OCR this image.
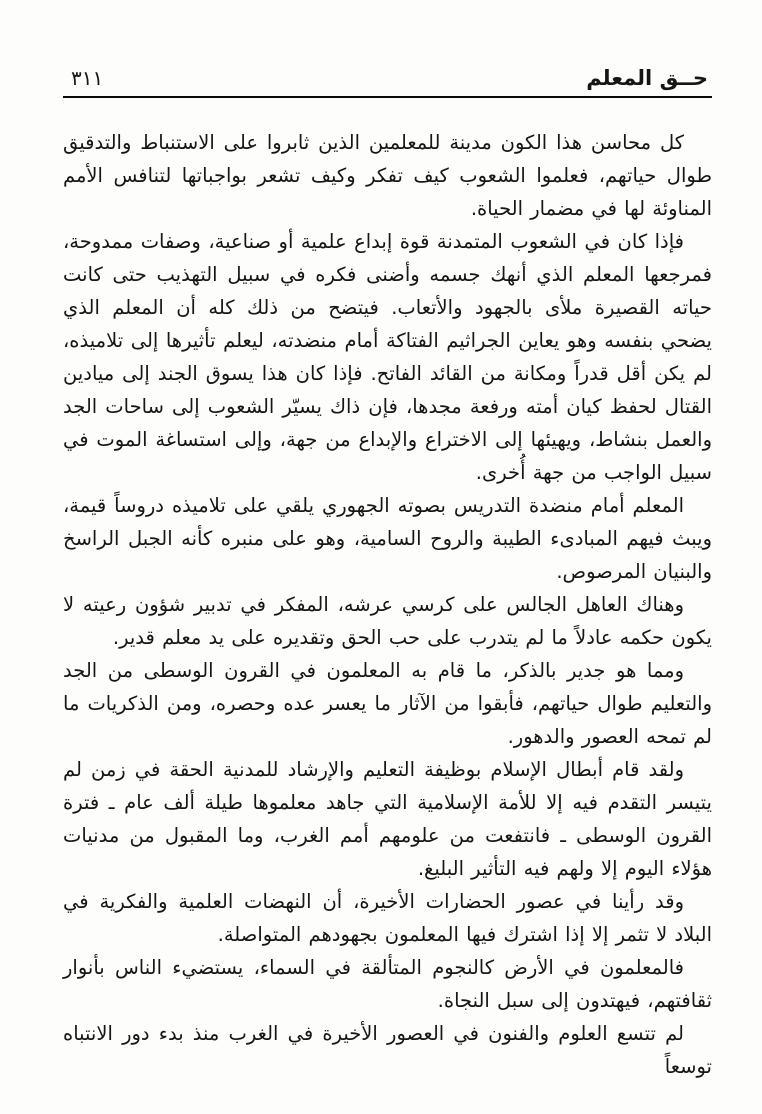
٣١١	حــق المعلم

كل محاسن هذا الكون مدينة للمعلمين الذين ثابروا على الاستنباط والتدقيق طوال حياتهم، فعلموا الشعوب كيف تفكر وكيف تشعر بواجباتها لتنافس الأمم المناوئة لها في مضمار الحياة.

فإذا كان في الشعوب المتمدنة قوة إبداع علمية أو صناعية، وصفات ممدوحة، فمرجعها المعلم الذي أنهك جسمه وأضنى فكره في سبيل التهذيب حتى كانت حياته القصيرة ملأى بالجهود والأتعاب. فيتضح من ذلك كله أن المعلم الذي يضحي بنفسه وهو يعاين الجراثيم الفتاكة أمام منضدته، ليعلم تأثيرها إلى تلاميذه، لم يكن أقل قدراً ومكانة من القائد الفاتح. فإذا كان هذا يسوق الجند إلى ميادين القتال لحفظ كيان أمته ورفعة مجدها، فإن ذاك يسيّر الشعوب إلى ساحات الجد والعمل بنشاط، ويهيئها إلى الاختراع والإبداع من جهة، وإلى استساغة الموت في سبيل الواجب من جهة أُخرى.

المعلم أمام منضدة التدريس بصوته الجهوري يلقي على تلاميذه دروساً قيمة، ويبث فيهم المبادىء الطيبة والروح السامية، وهو على منبره كأنه الجبل الراسخ والبنيان المرصوص.

وهناك العاهل الجالس على كرسي عرشه، المفكر في تدبير شؤون رعيته لا يكون حكمه عادلاً ما لم يتدرب على حب الحق وتقديره على يد معلم قدير.

ومما هو جدير بالذكر، ما قام به المعلمون في القرون الوسطى من الجد والتعليم طوال حياتهم، فأبقوا من الآثار ما يعسر عده وحصره، ومن الذكريات ما لم تمحه العصور والدهور.

ولقد قام أبطال الإسلام بوظيفة التعليم والإرشاد للمدنية الحقة في زمن لم يتيسر التقدم فيه إلا للأمة الإسلامية التي جاهد معلموها طيلة ألف عام ـ فترة القرون الوسطى ـ فانتفعت من علومهم أمم الغرب، وما المقبول من مدنيات هؤلاء اليوم إلا ولهم فيه التأثير البليغ.

وقد رأينا في عصور الحضارات الأخيرة، أن النهضات العلمية والفكرية في البلاد لا تثمر إلا إذا اشترك فيها المعلمون بجهودهم المتواصلة.

فالمعلمون في الأرض كالنجوم المتألقة في السماء، يستضيء الناس بأنوار ثقافتهم، فيهتدون إلى سبل النجاة.

لم تتسع العلوم والفنون في العصور الأخيرة في الغرب منذ بدء دور الانتباه توسعاً
